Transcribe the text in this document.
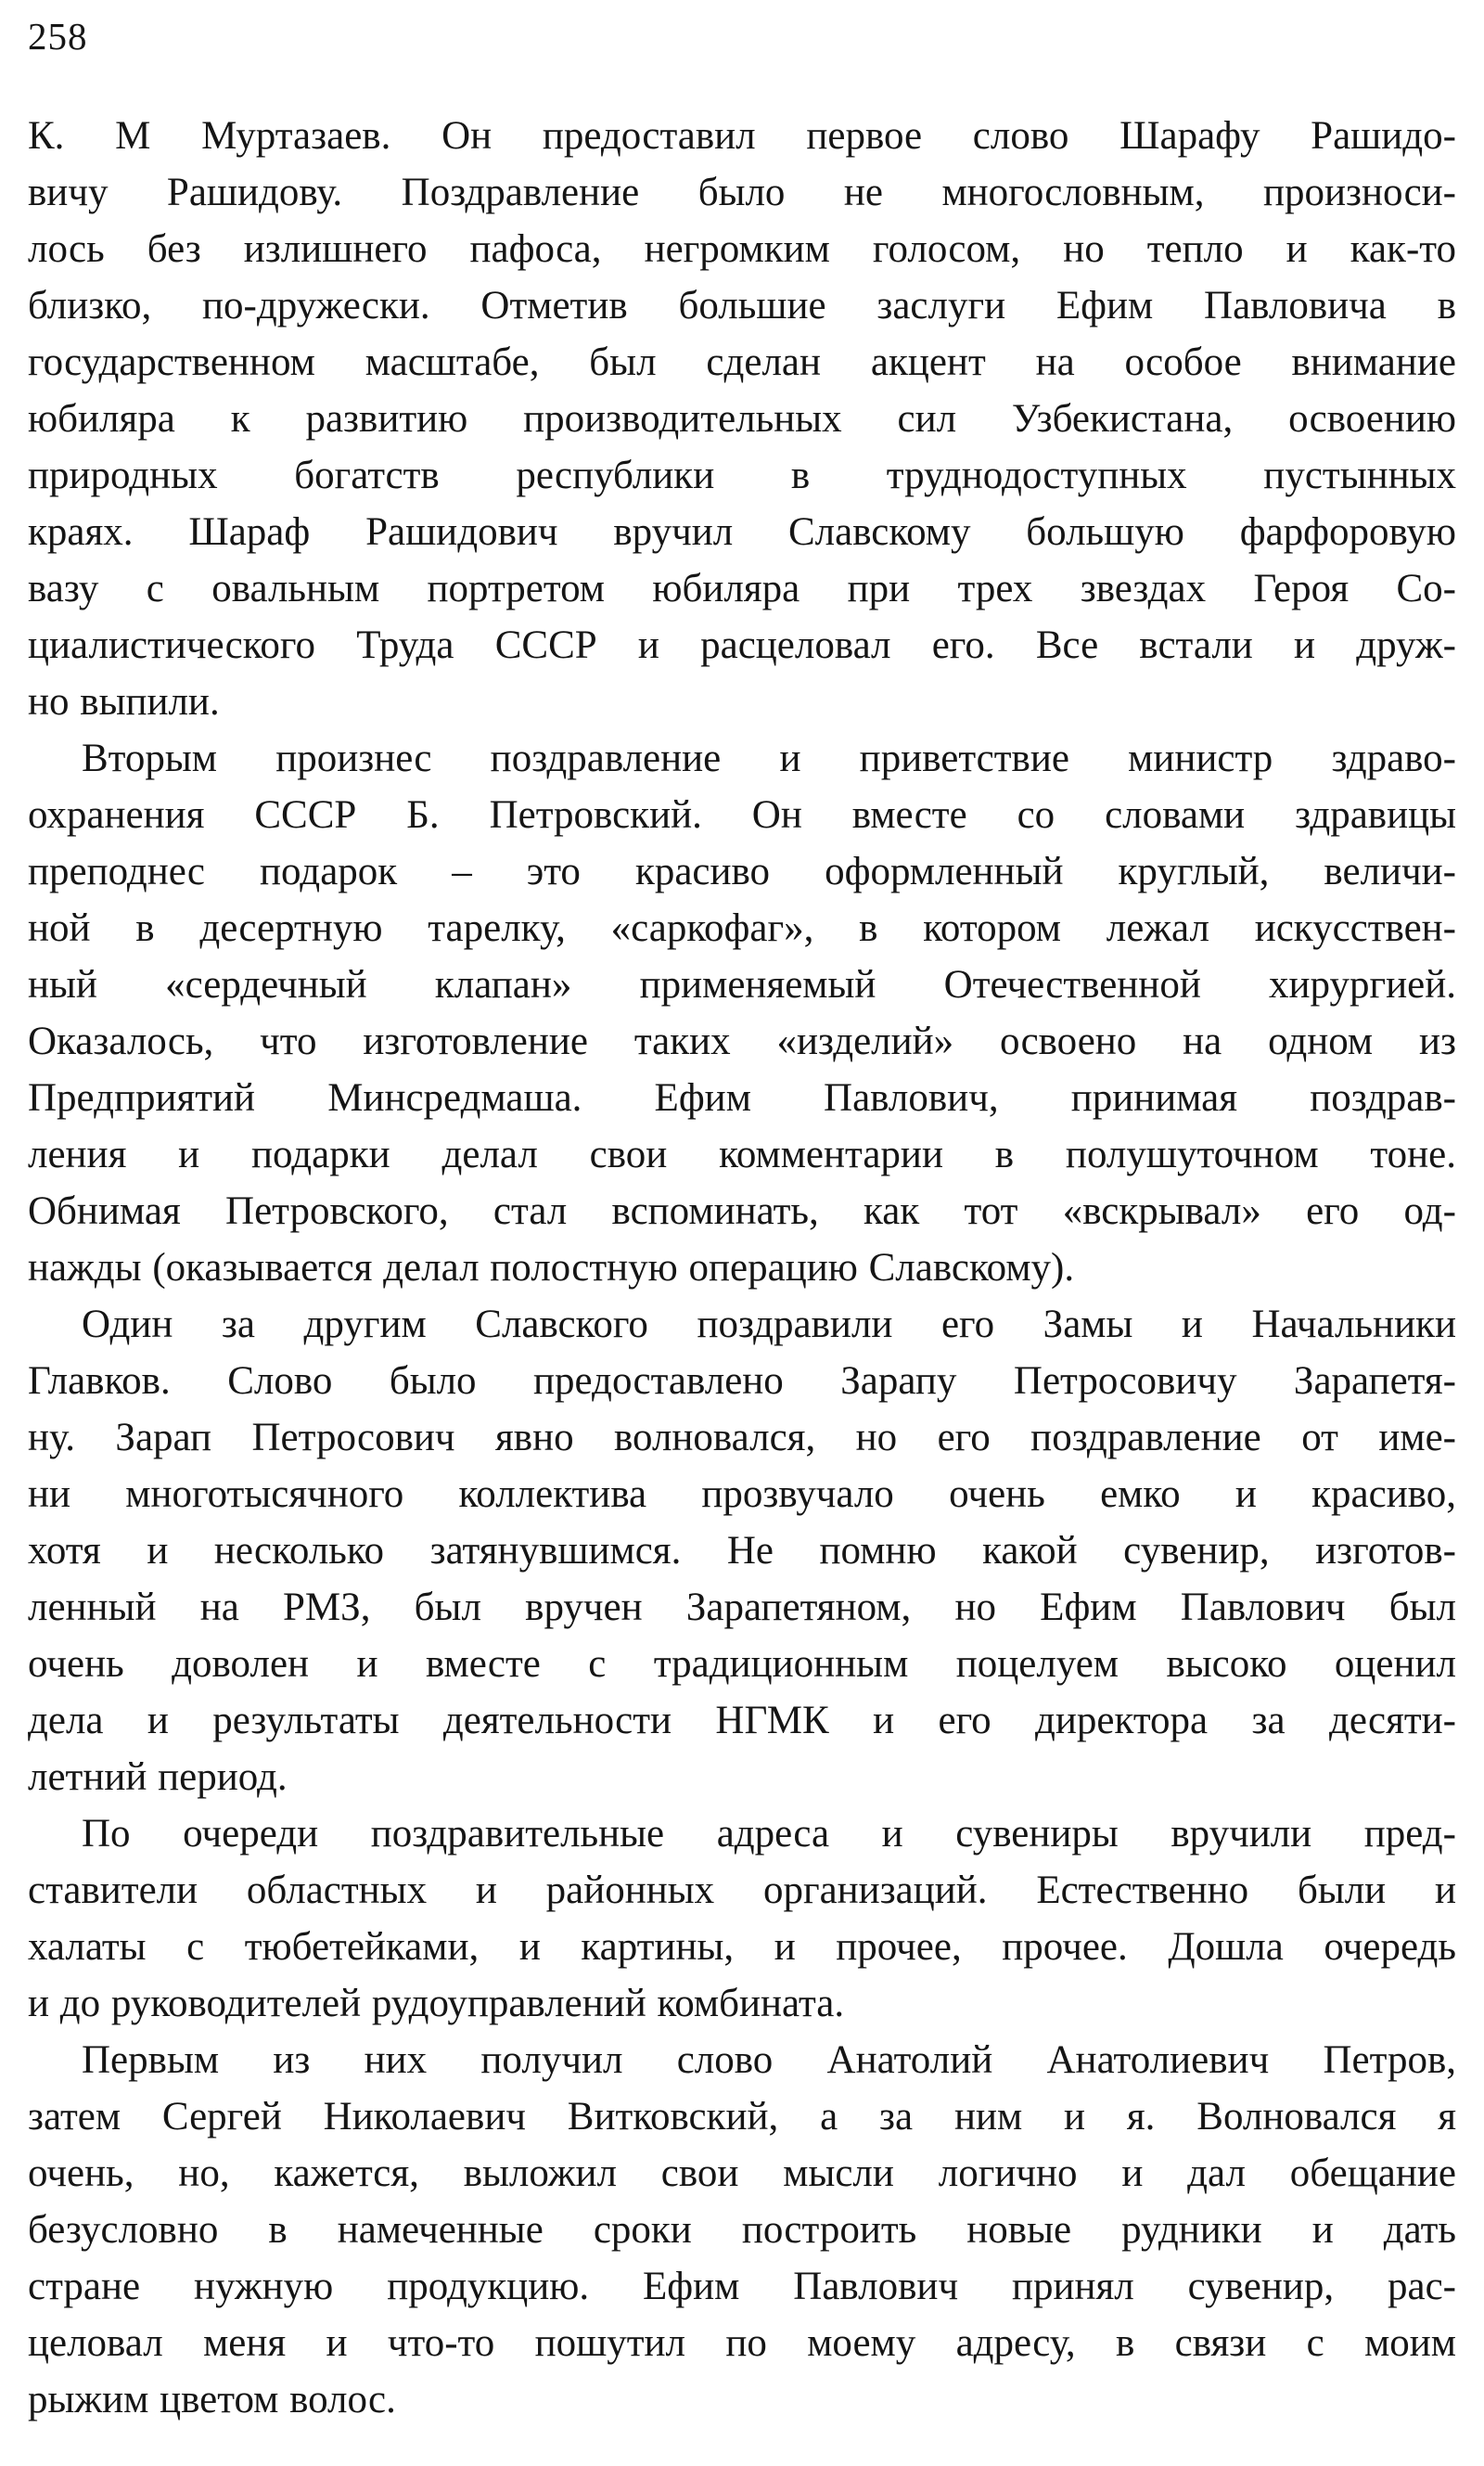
258
К. М Муртазаев. Он предоставил первое слово Шарафу Рашидо-
вичу Рашидову. Поздравление было не многословным, произноси-
лось без излишнего пафоса, негромким голосом, но тепло и как-то
близко, по-дружески. Отметив большие заслуги Ефим Павловича в
государственном масштабе, был сделан акцент на особое внимание
юбиляра к развитию производительных сил Узбекистана, освоению
природных богатств республики в труднодоступных пустынных
краях. Шараф Рашидович вручил Славскому большую фарфоровую
вазу с овальным портретом юбиляра при трех звездах Героя Со-
циалистического Труда СССР и расцеловал его. Все встали и друж-
но выпили.
Вторым произнес поздравление и приветствие министр здраво-
охранения СССР Б. Петровский. Он вместе со словами здравицы
преподнес подарок – это красиво оформленный круглый, величи-
ной в десертную тарелку, «саркофаг», в котором лежал искусствен-
ный «сердечный клапан» применяемый Отечественной хирургией.
Оказалось, что изготовление таких «изделий» освоено на одном из
Предприятий Минсредмаша. Ефим Павлович, принимая поздрав-
ления и подарки делал свои комментарии в полушуточном тоне.
Обнимая Петровского, стал вспоминать, как тот «вскрывал» его од-
нажды (оказывается делал полостную операцию Славскому).
Один за другим Славского поздравили его Замы и Начальники
Главков. Слово было предоставлено Зарапу Петросовичу Зарапетя-
ну. Зарап Петросович явно волновался, но его поздравление от име-
ни многотысячного коллектива прозвучало очень емко и красиво,
хотя и несколько затянувшимся. Не помню какой сувенир, изготов-
ленный на РМЗ, был вручен Зарапетяном, но Ефим Павлович был
очень доволен и вместе с традиционным поцелуем высоко оценил
дела и результаты деятельности НГМК и его директора за десяти-
летний период.
По очереди поздравительные адреса и сувениры вручили пред-
ставители областных и районных организаций. Естественно были и
халаты с тюбетейками, и картины, и прочее, прочее. Дошла очередь
и до руководителей рудоуправлений комбината.
Первым из них получил слово Анатолий Анатолиевич Петров,
затем Сергей Николаевич Витковский, а за ним и я. Волновался я
очень, но, кажется, выложил свои мысли логично и дал обещание
безусловно в намеченные сроки построить новые рудники и дать
стране нужную продукцию. Ефим Павлович принял сувенир, рас-
целовал меня и что-то пошутил по моему адресу, в связи с моим
рыжим цветом волос.
